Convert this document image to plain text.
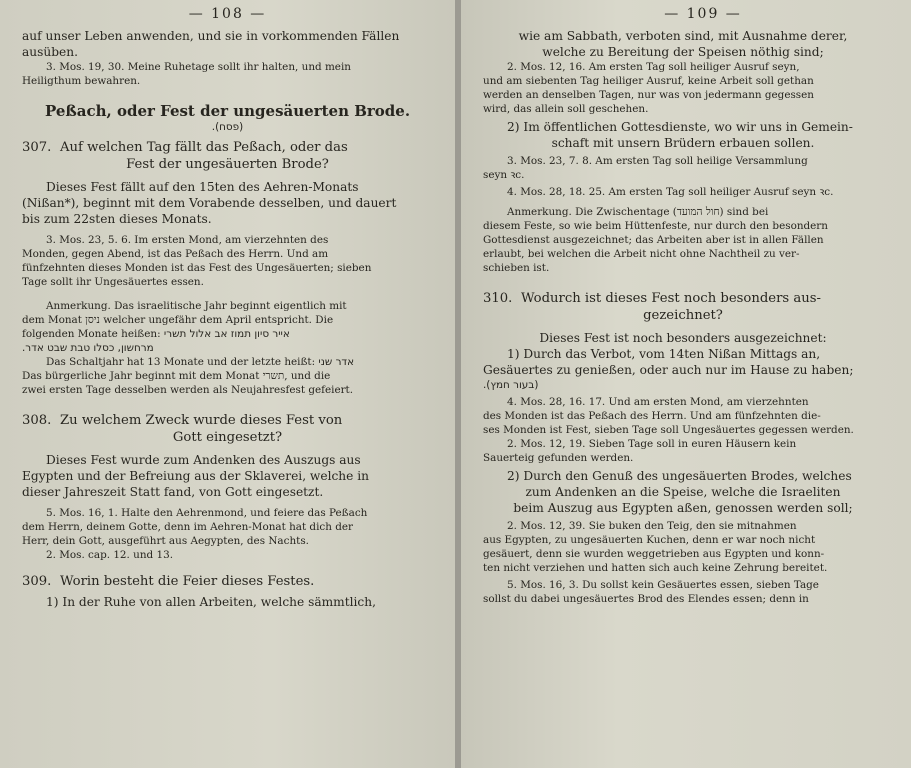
— 108 —

auf unser Leben anwenden, und sie in vorkommenden Fällen

ausüben.

3. Mos. 19, 30. Meine Ruhetage sollt ihr halten, und mein

Heiligthum bewahren.

Peßach, oder Fest der ungesäuerten Brode.

(פסח).

307. Auf welchen Tag fällt das Peßach, oder das

Fest der ungesäuerten Brode?

Dieses Fest fällt auf den 15ten des Aehren-Monats

(Nißan*), beginnt mit dem Vorabende desselben, und dauert

bis zum 22sten dieses Monats.

3. Mos. 23, 5. 6. Im ersten Mond, am vierzehnten des

Monden, gegen Abend, ist das Peßach des Herrn. Und am

fünfzehnten dieses Monden ist das Fest des Ungesäuerten; sieben

Tage sollt ihr Ungesäuertes essen.

Anmerkung. Das israelitische Jahr beginnt eigentlich mit

dem Monat ניסן welcher ungefähr dem April entspricht. Die

folgenden Monate heißen: אייר סיון תמוז אב אלול תשרי

מרחשון, כסלו טבת שבט אדר.

Das Schaltjahr hat 13 Monate und der letzte heißt: אדר שני

Das bürgerliche Jahr beginnt mit dem Monat תשרי, und die

zwei ersten Tage desselben werden als Neujahresfest gefeiert.

308. Zu welchem Zweck wurde dieses Fest von

Gott eingesetzt?

Dieses Fest wurde zum Andenken des Auszugs aus

Egypten und der Befreiung aus der Sklaverei, welche in

dieser Jahreszeit Statt fand, von Gott eingesetzt.

5. Mos. 16, 1. Halte den Aehrenmond, und feiere das Peßach

dem Herrn, deinem Gotte, denn im Aehren-Monat hat dich der

Herr, dein Gott, ausgeführt aus Aegypten, des Nachts.

2. Mos. cap. 12. und 13.

309. Worin besteht die Feier dieses Festes.

1) In der Ruhe von allen Arbeiten, welche sämmtlich,

— 109 —

wie am Sabbath, verboten sind, mit Ausnahme derer,

welche zu Bereitung der Speisen nöthig sind;

2. Mos. 12, 16. Am ersten Tag soll heiliger Ausruf seyn,

und am siebenten Tag heiliger Ausruf, keine Arbeit soll gethan

werden an denselben Tagen, nur was von jedermann gegessen

wird, das allein soll geschehen.

2) Im öffentlichen Gottesdienste, wo wir uns in Gemein-

schaft mit unsern Brüdern erbauen sollen.

3. Mos. 23, 7. 8. Am ersten Tag soll heilige Versammlung

seyn ꝛc.

4. Mos. 28, 18. 25. Am ersten Tag soll heiliger Ausruf seyn ꝛc.

Anmerkung. Die Zwischentage (חול המועד) sind bei

diesem Feste, so wie beim Hüttenfeste, nur durch den besondern

Gottesdienst ausgezeichnet; das Arbeiten aber ist in allen Fällen

erlaubt, bei welchen die Arbeit nicht ohne Nachtheil zu ver-

schieben ist.

310. Wodurch ist dieses Fest noch besonders aus-

gezeichnet?

Dieses Fest ist noch besonders ausgezeichnet:

1) Durch das Verbot, vom 14ten Nißan Mittags an,

Gesäuertes zu genießen, oder auch nur im Hause zu haben;

(בעור חמץ).

4. Mos. 28, 16. 17. Und am ersten Mond, am vierzehnten

des Monden ist das Peßach des Herrn. Und am fünfzehnten die-

ses Monden ist Fest, sieben Tage soll Ungesäuertes gegessen werden.

2. Mos. 12, 19. Sieben Tage soll in euren Häusern kein

Sauerteig gefunden werden.

2) Durch den Genuß des ungesäuerten Brodes, welches

zum Andenken an die Speise, welche die Israeliten

beim Auszug aus Egypten aßen, genossen werden soll;

2. Mos. 12, 39. Sie buken den Teig, den sie mitnahmen

aus Egypten, zu ungesäuerten Kuchen, denn er war noch nicht

gesäuert, denn sie wurden weggetrieben aus Egypten und konn-

ten nicht verziehen und hatten sich auch keine Zehrung bereitet.

5. Mos. 16, 3. Du sollst kein Gesäuertes essen, sieben Tage

sollst du dabei ungesäuertes Brod des Elendes essen; denn in
